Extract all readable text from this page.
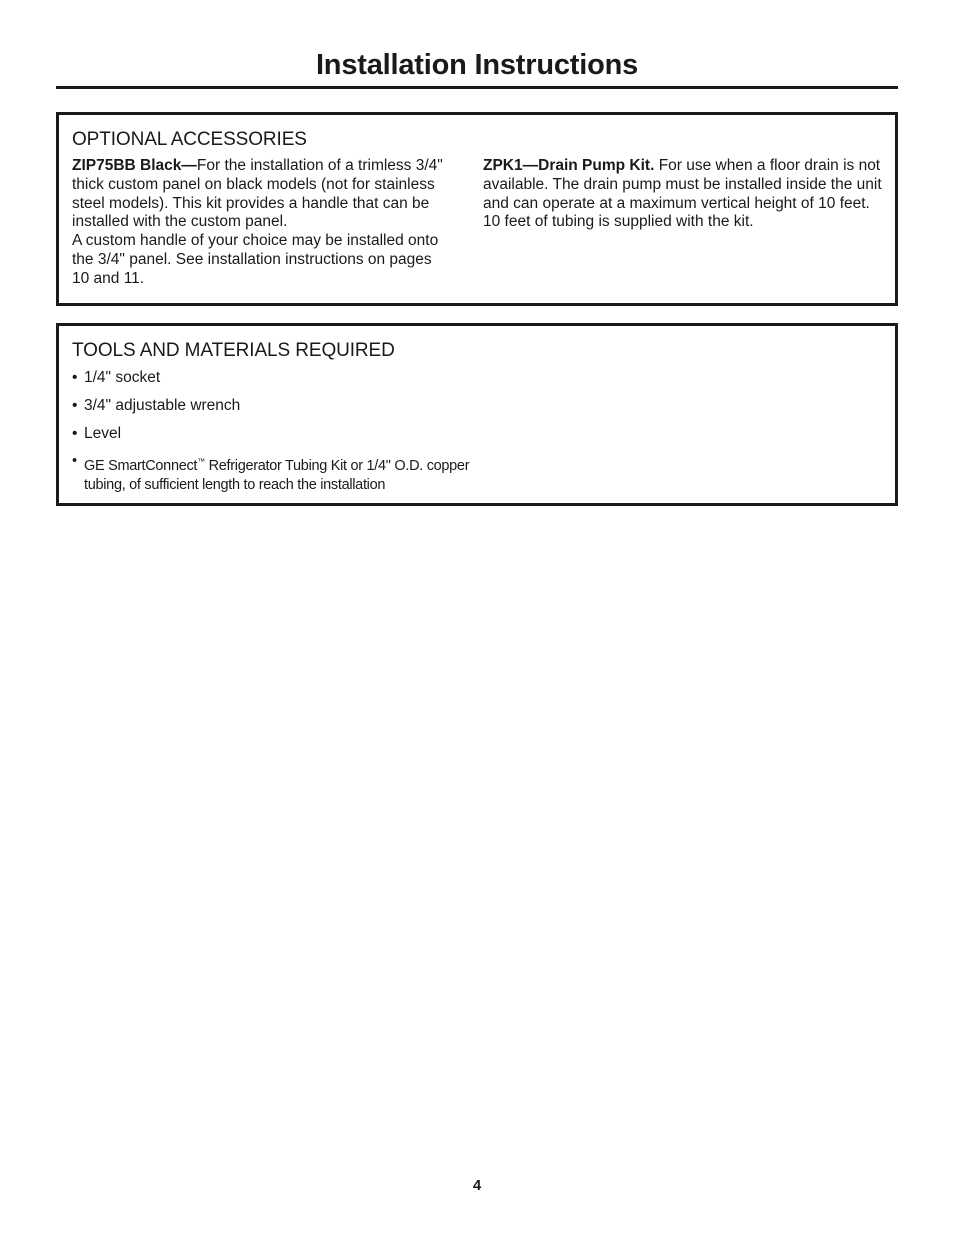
Installation Instructions
OPTIONAL ACCESSORIES
ZIP75BB Black—For the installation of a trimless 3/4" thick custom panel on black models (not for stainless steel models). This kit provides a handle that can be installed with the custom panel.
A custom handle of your choice may be installed onto the 3/4" panel. See installation instructions on pages 10 and 11.
ZPK1—Drain Pump Kit. For use when a floor drain is not available. The drain pump must be installed inside the unit and can operate at a maximum vertical height of 10 feet. 10 feet of tubing is supplied with the kit.
TOOLS AND MATERIALS REQUIRED
• 1/4" socket
• 3/4" adjustable wrench
• Level
• GE SmartConnect™ Refrigerator Tubing Kit or 1/4" O.D. copper tubing, of sufficient length to reach the installation
4
